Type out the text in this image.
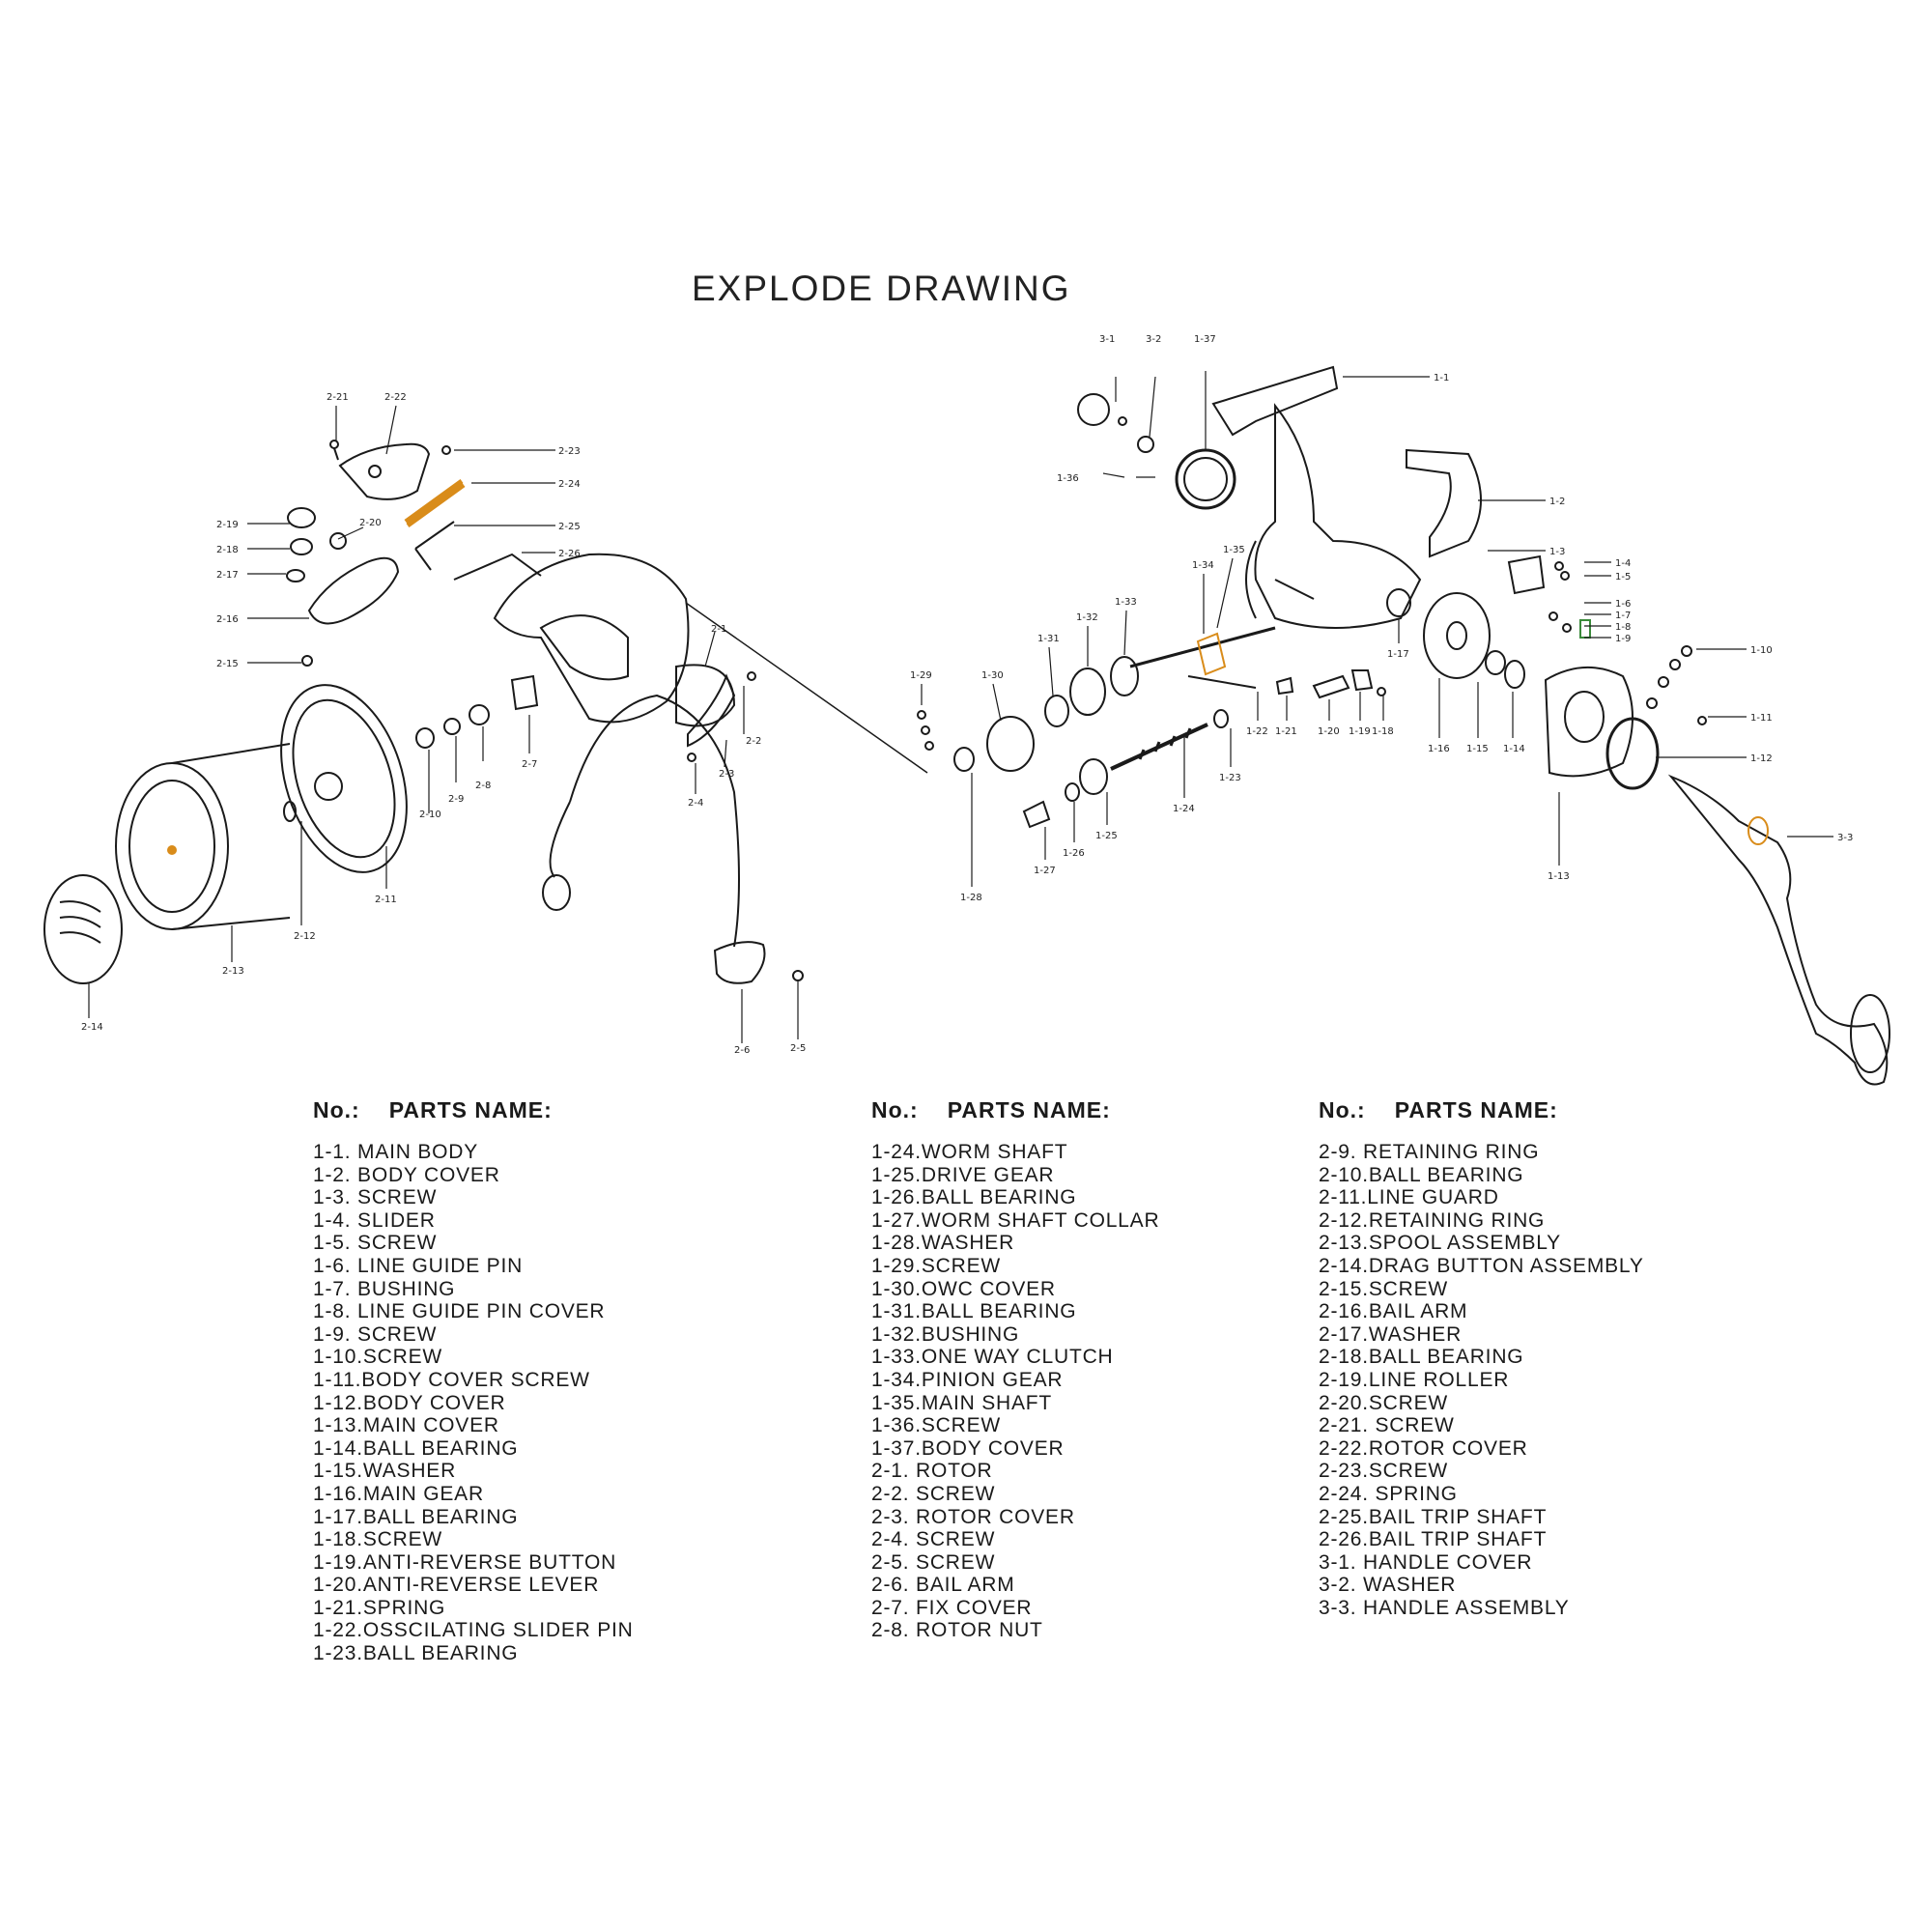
EXPLODE DRAWING
2-21	2-22
2-23
2-24
2-25
2-26
2-19	2-20
2-18
2-17
2-16
2-15
2-1
2-2
2-3
2-4
2-7
2-8
2-9
2-10
2-11
2-12
2-13
2-14
2-6	2-5
3-1	3-2	1-37
1-1
1-36
1-2
1-3
1-4
1-5
1-6
1-7
1-8
1-9
1-10
1-11
1-12
3-3
1-13
1-14
1-15
1-16
1-17
1-18
1-19
1-20
1-21
1-22
1-23
1-24
1-25
1-26
1-27
1-28
1-29	1-30
1-31
1-32
1-33
1-34
1-35
No.: PARTS NAME:
1-1. MAIN BODY
1-2. BODY COVER
1-3. SCREW
1-4. SLIDER
1-5. SCREW
1-6. LINE GUIDE PIN
1-7. BUSHING
1-8. LINE GUIDE PIN COVER
1-9. SCREW
1-10.SCREW
1-11.BODY COVER SCREW
1-12.BODY COVER
1-13.MAIN COVER
1-14.BALL BEARING
1-15.WASHER
1-16.MAIN GEAR
1-17.BALL BEARING
1-18.SCREW
1-19.ANTI-REVERSE BUTTON
1-20.ANTI-REVERSE LEVER
1-21.SPRING
1-22.OSSCILATING SLIDER PIN
1-23.BALL BEARING
No.: PARTS NAME:
1-24.WORM SHAFT
1-25.DRIVE GEAR
1-26.BALL BEARING
1-27.WORM SHAFT COLLAR
1-28.WASHER
1-29.SCREW
1-30.OWC COVER
1-31.BALL BEARING
1-32.BUSHING
1-33.ONE WAY CLUTCH
1-34.PINION GEAR
1-35.MAIN SHAFT
1-36.SCREW
1-37.BODY COVER
2-1. ROTOR
2-2. SCREW
2-3. ROTOR COVER
2-4. SCREW
2-5. SCREW
2-6. BAIL ARM
2-7. FIX COVER
2-8. ROTOR NUT
No.: PARTS NAME:
2-9. RETAINING RING
2-10.BALL BEARING
2-11.LINE GUARD
2-12.RETAINING RING
2-13.SPOOL ASSEMBLY
2-14.DRAG BUTTON ASSEMBLY
2-15.SCREW
2-16.BAIL ARM
2-17.WASHER
2-18.BALL BEARING
2-19.LINE ROLLER
2-20.SCREW
2-21. SCREW
2-22.ROTOR COVER
2-23.SCREW
2-24. SPRING
2-25.BAIL TRIP SHAFT
2-26.BAIL TRIP SHAFT
3-1. HANDLE COVER
3-2. WASHER
3-3. HANDLE ASSEMBLY
